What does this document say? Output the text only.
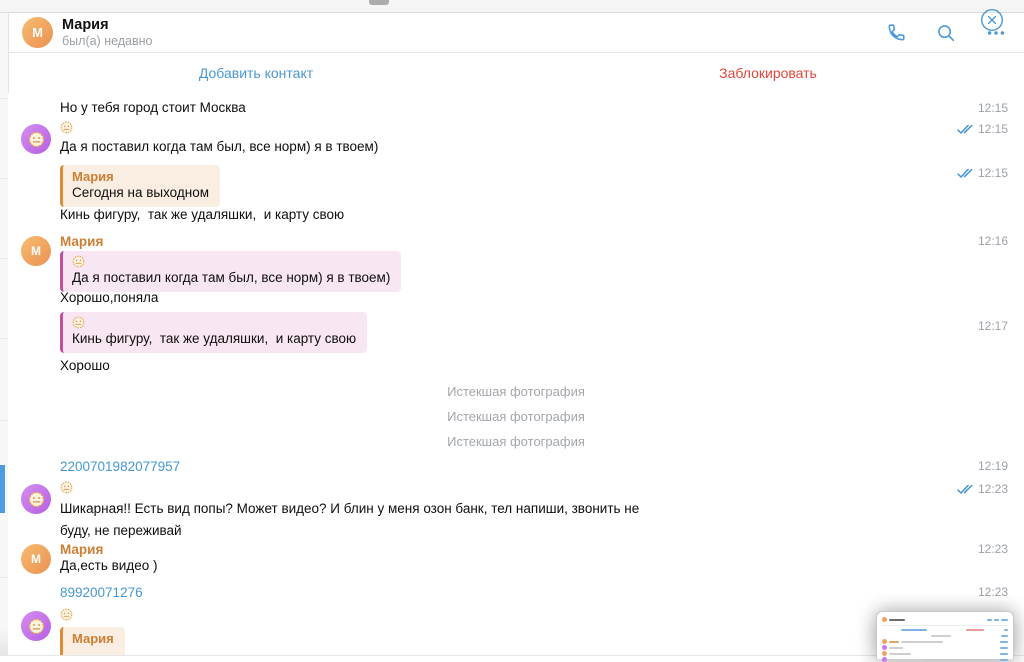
M Мария
был(а) недавно
Добавить контакт	Заблокировать
Но у тебя город стоит Москва	12:15
12:15
Да я поставил когда там был, все норм) я в твоем)
Мария
Сегодня на выходном
12:15
Кинь фигуру,  так же удаляшки,  и карту свою
M
Мария	12:16
Да я поставил когда там был, все норм) я в твоем)
Хорошо,поняла
Кинь фигуру,  так же удаляшки,  и карту свою
12:17
Хорошо
Истекшая фотография
Истекшая фотография
Истекшая фотография
2200701982077957	12:19
12:23
Шикарная!! Есть вид попы? Может видео? И блин у меня озон банк, тел напиши, звонить не буду, не переживай
M
Мария	12:23
Да,есть видео )
89920071276	12:23
Мария
